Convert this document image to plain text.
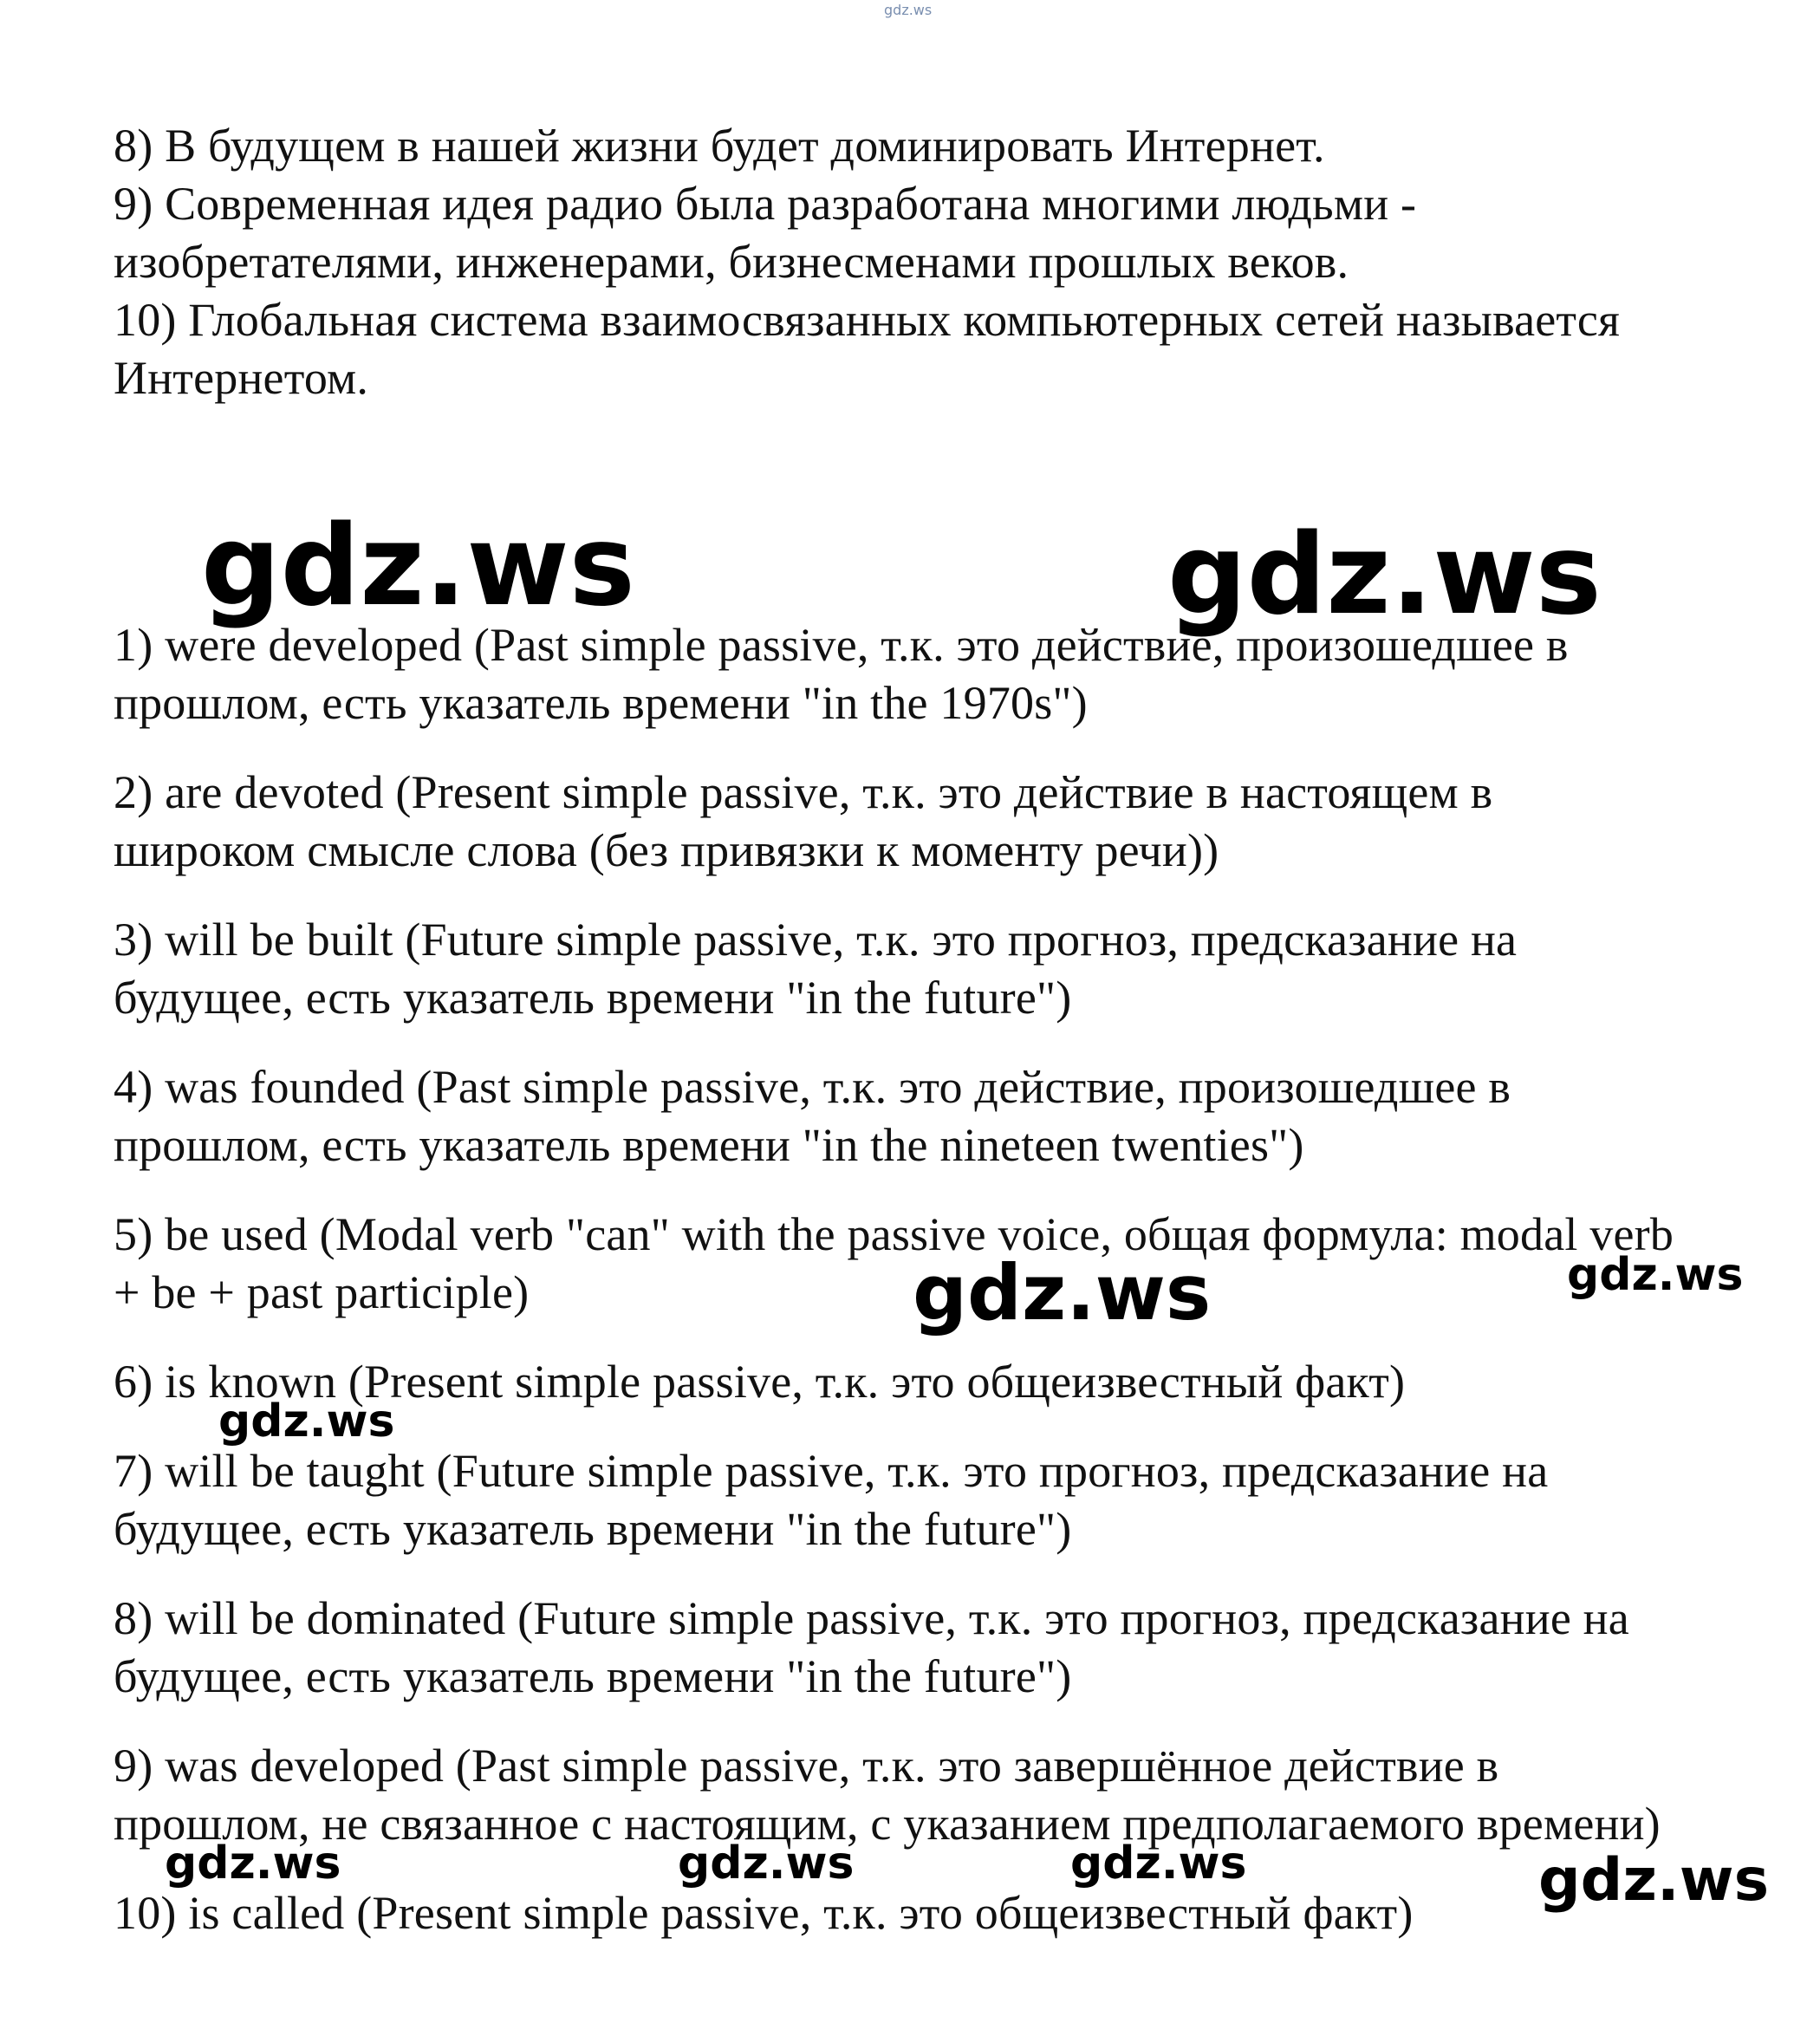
gdz.ws
8) В будущем в нашей жизни будет доминировать Интернет.
9) Современная идея радио была разработана многими людьми -
изобретателями, инженерами, бизнесменами прошлых веков.
10) Глобальная система взаимосвязанных компьютерных сетей называется
Интернетом.
gdz.ws	gdz.ws
1) were developed (Past simple passive, т.к. это действие, произошедшее в
прошлом, есть указатель времени "in the 1970s")
2) are devoted (Present simple passive, т.к. это действие в настоящем в
широком смысле слова (без привязки к моменту речи))
3) will be built (Future simple passive, т.к. это прогноз, предсказание на
будущее, есть указатель времени "in the future")
4) was founded (Past simple passive, т.к. это действие, произошедшее в
прошлом, есть указатель времени "in the nineteen twenties")
5) be used (Modal verb "can" with the passive voice, общая формула: modal verb
+ be + past participle)	gdz.ws	gdz.ws
6) is known (Present simple passive, т.к. это общеизвестный факт)
gdz.ws
7) will be taught (Future simple passive, т.к. это прогноз, предсказание на
будущее, есть указатель времени "in the future")
8) will be dominated (Future simple passive, т.к. это прогноз, предсказание на
будущее, есть указатель времени "in the future")
9) was developed (Past simple passive, т.к. это завершённое действие в
прошлом, не связанное с настоящим, с указанием предполагаемого времени)
gdz.ws	gdz.ws	gdz.ws	gdz.ws
10) is called (Present simple passive, т.к. это общеизвестный факт)
